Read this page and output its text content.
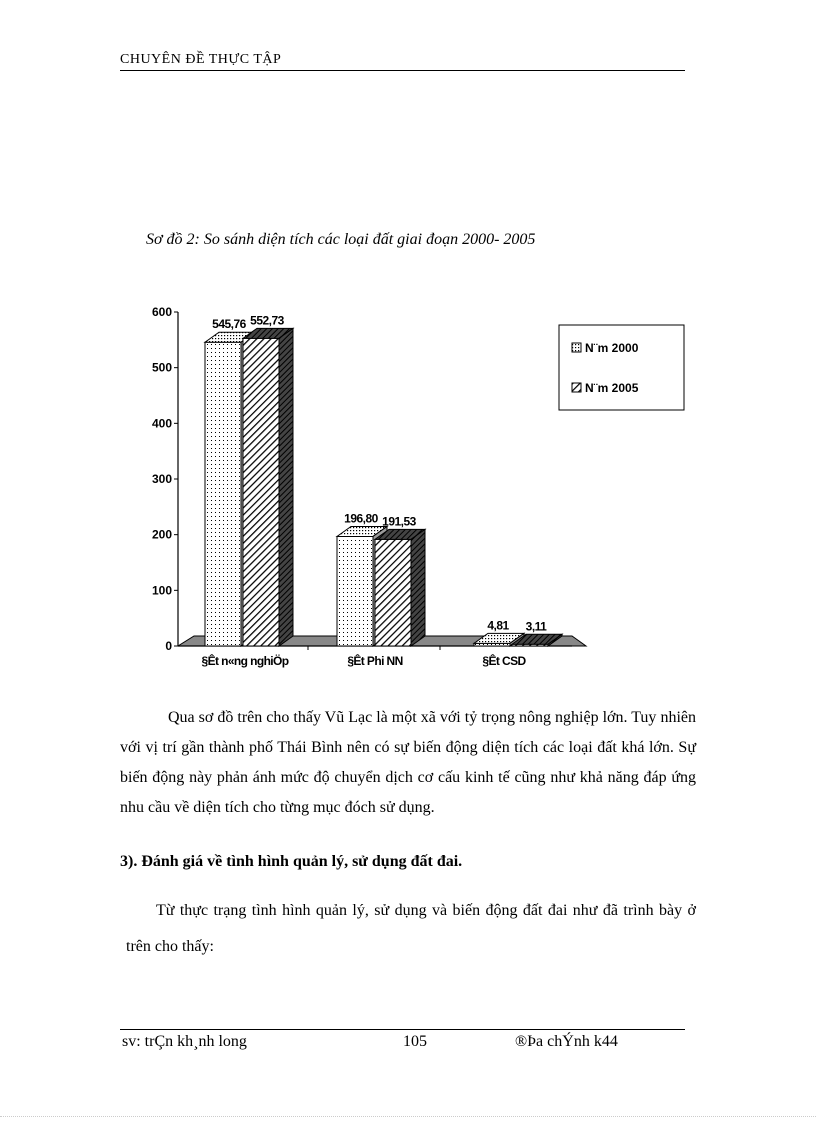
CHUYÊN ĐỀ THỰC TẬP
Sơ đồ 2: So sánh diện tích các loại đất giai đoạn 2000- 2005
0
100
200
300
400
500
600
545,76 552,73
196,80 191,53
4,81 3,11
§Êt n«ng nghiÖp	§Êt Phi NN	§Êt CSD
N¨m 2000
N¨m 2005
Qua sơ đồ trên cho thấy Vũ Lạc là một xã với tỷ trọng nông nghiệp lớn. Tuy nhiên với vị trí gần thành phố Thái Bình nên có sự biến động diện tích các loại đất khá lớn. Sự biến động này phản ánh mức độ chuyển dịch cơ cấu kinh tế cũng như khả năng đáp ứng nhu cầu về diện tích cho từng mục đóch sử dụng.
3). Đánh giá về tình hình quản lý, sử dụng đất đai.
Từ thực trạng tình hình quản lý, sử dụng và biến động đất đai như đã trình bày ở trên cho thấy:
sv: trÇn kh¸nh long	105	®Þa chÝnh k44
